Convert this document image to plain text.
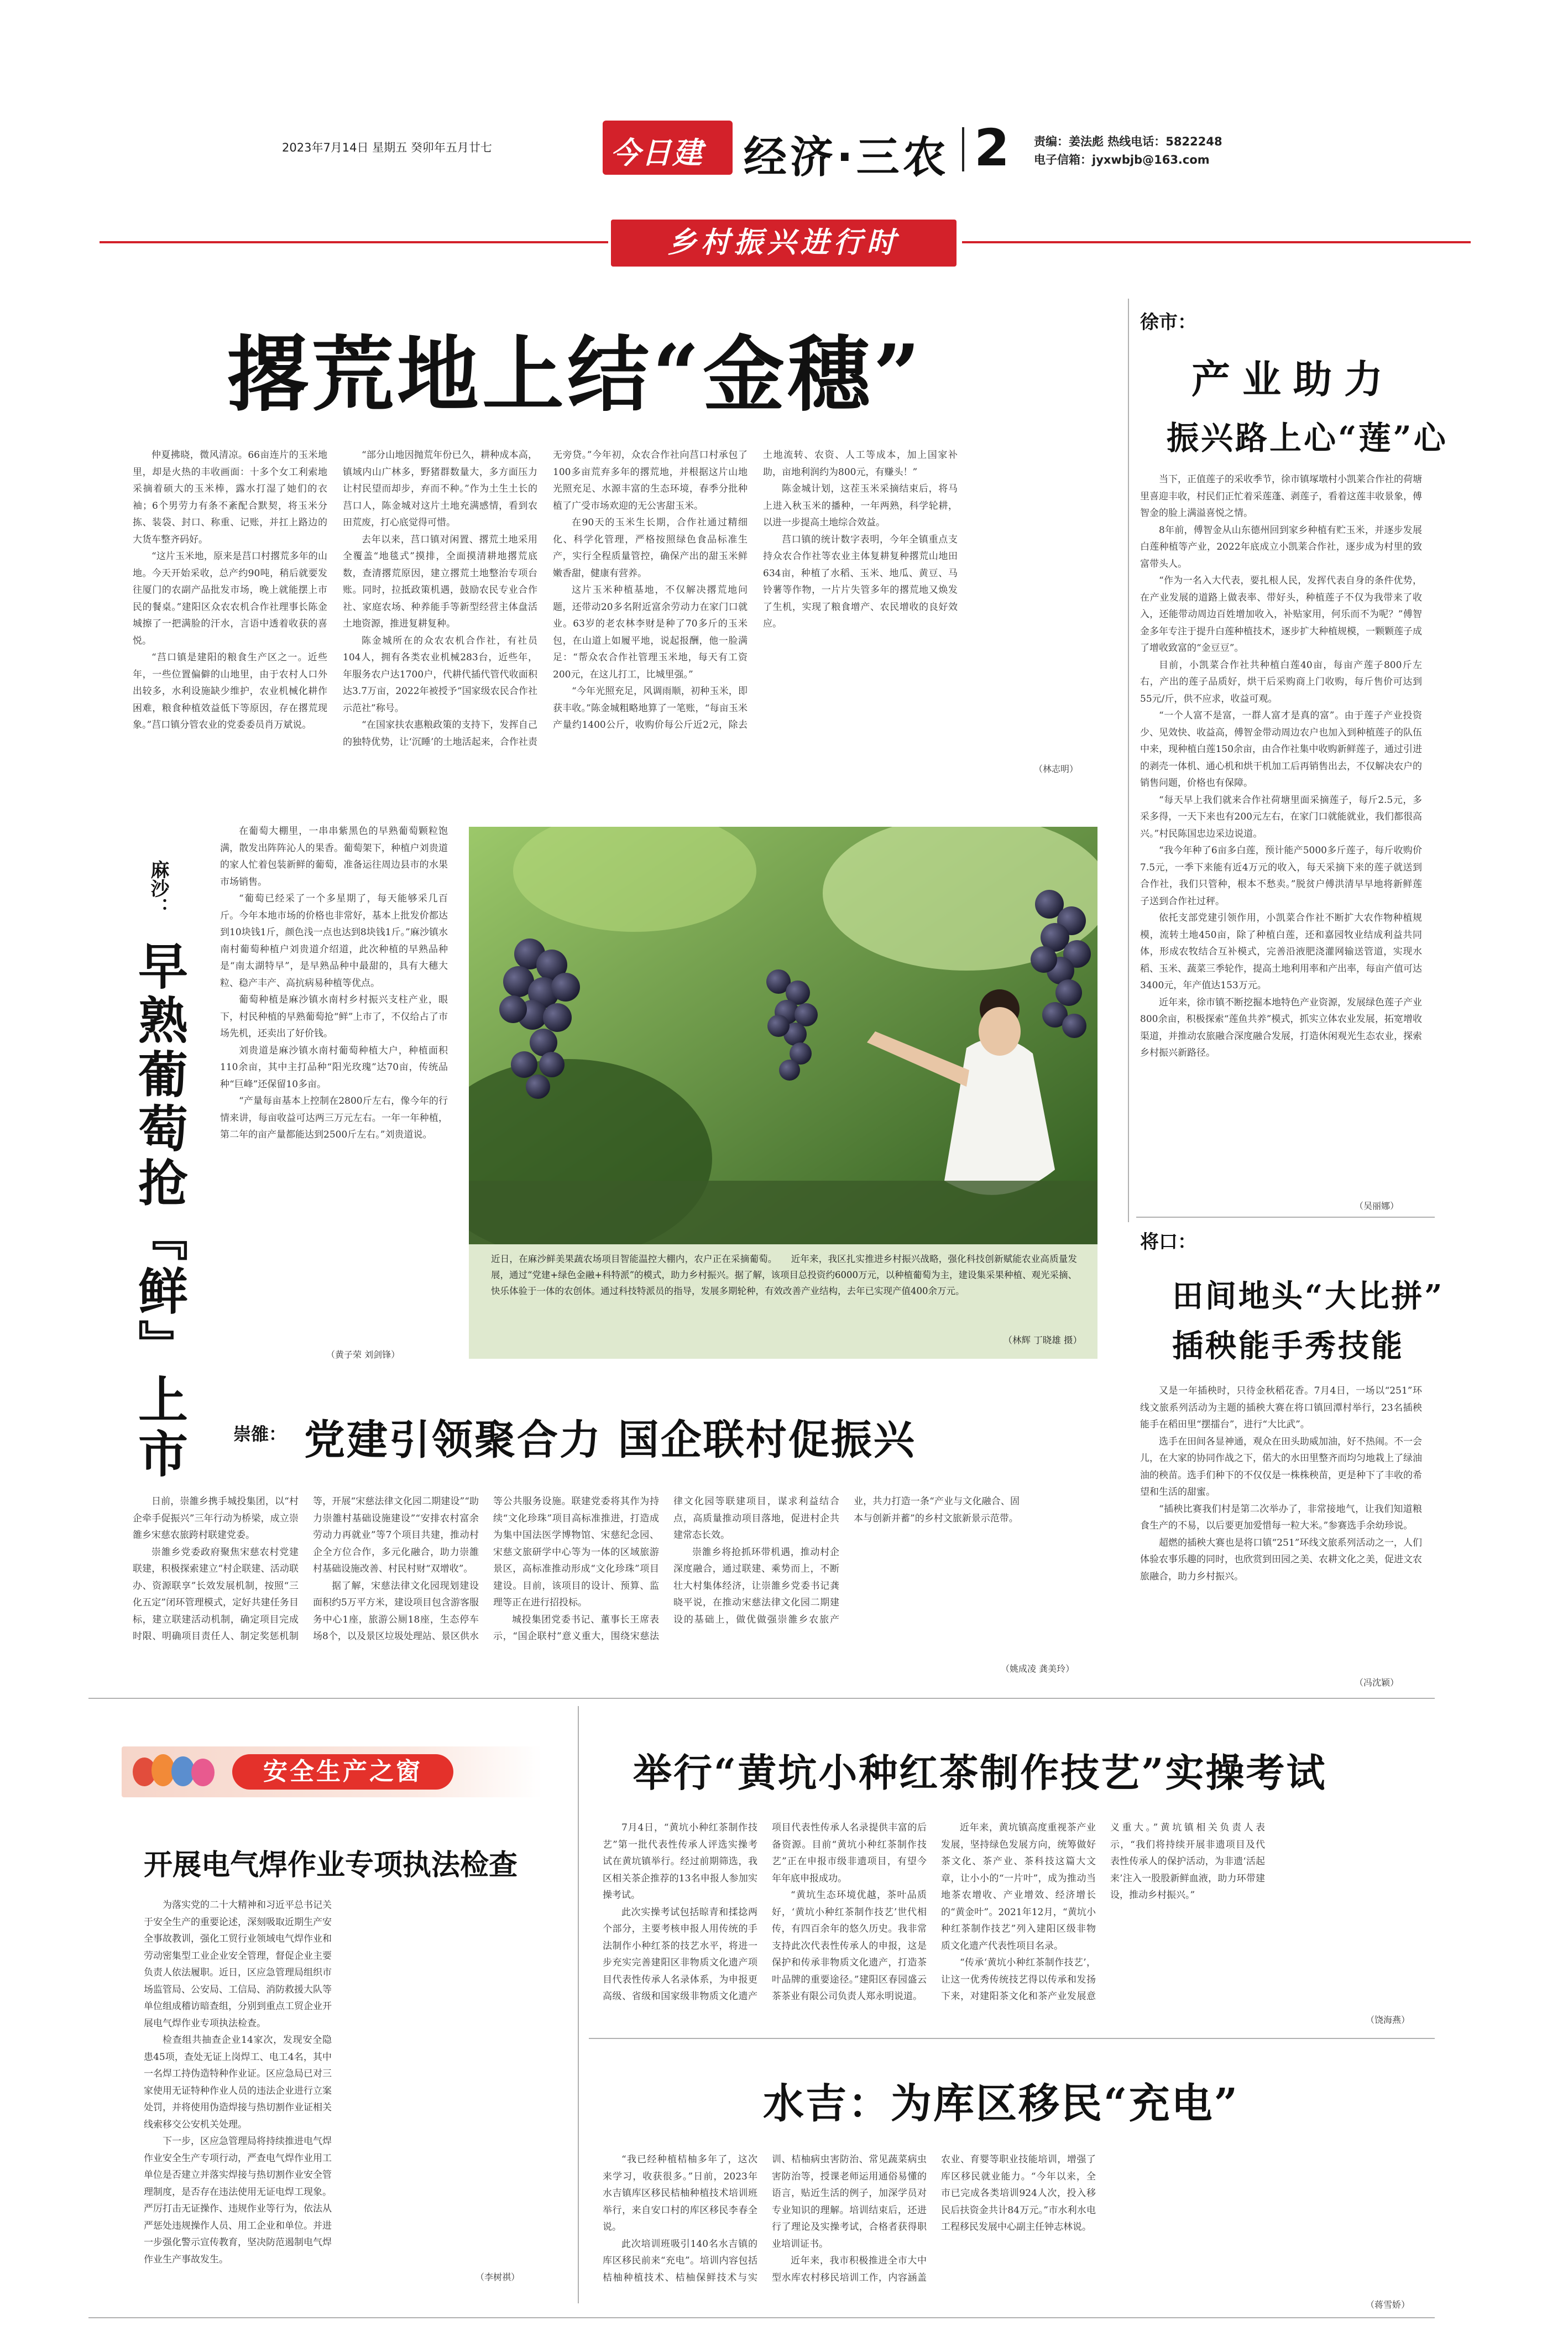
2023年7月14日 星期五 癸卯年五月廿七	今日建阳
经济·三农 2 责编：姜法彪 热线电话：5822248
电子信箱：jyxwbjb@163.com
乡村振兴进行时
撂荒地上结“金穗”

仲夏拂晓，微风清凉。66亩连片的玉米地里，却是火热的丰收画面：十多个女工利索地采摘着硕大的玉米棒，露水打湿了她们的衣袖；6个男劳力有条不紊配合默契，将玉米分拣、装袋、封口、称重、记账，并扛上路边的大货车整齐码好。

“这片玉米地，原来是莒口村撂荒多年的山地。今天开始采收，总产约90吨，稍后就要发往厦门的农副产品批发市场，晚上就能摆上市民的餐桌。”建阳区众农农机合作社理事长陈金城擦了一把满脸的汗水，言语中透着收获的喜悦。

“莒口镇是建阳的粮食生产区之一。近些年，一些位置偏僻的山地里，由于农村人口外出较多，水利设施缺少维护，农业机械化耕作困难，粮食种植效益低下等原因，存在撂荒现象。”莒口镇分管农业的党委委员肖万斌说。

“部分山地因抛荒年份已久，耕种成本高，镇域内山广林多，野猪群数量大，多方面压力让村民望而却步，弃而不种。”作为土生土长的莒口人，陈金城对这片土地充满感情，看到农田荒废，打心底觉得可惜。

去年以来，莒口镇对闲置、撂荒土地采用全覆盖“地毯式”摸排，全面摸清耕地撂荒底数，查清撂荒原因，建立撂荒土地整治专项台账。同时，拉抵政策机遇，鼓励农民专业合作社、家庭农场、种养能手等新型经营主体盘活土地资源，推进复耕复种。

陈金城所在的众农农机合作社，有社员104人，拥有各类农业机械283台，近些年，年服务农户达1700户，代耕代插代管代收面积达3.7万亩，2022年被授予“国家级农民合作社示范社”称号。

“在国家扶农惠粮政策的支持下，发挥自己的独特优势，让‘沉睡’的土地活起来，合作社责无旁贷。”今年初，众农合作社向莒口村承包了100多亩荒弃多年的撂荒地，并根据这片山地光照充足、水源丰富的生态环境，春季分批种植了广受市场欢迎的无公害甜玉米。

在90天的玉米生长期，合作社通过精细化、科学化管理，严格按照绿色食品标准生产，实行全程质量管控，确保产出的甜玉米鲜嫩香甜，健康有营养。

这片玉米种植基地，不仅解决撂荒地问题，还带动20多名附近富余劳动力在家门口就业。63岁的老农林李财是种了70多斤的玉米包，在山道上如履平地，说起报酬，他一脸满足：“帮众农合作社管理玉米地，每天有工资200元，在这儿打工，比城里强。”

“今年光照充足，风调雨顺，初种玉米，即获丰收。”陈金城粗略地算了一笔账，“每亩玉米产量约1400公斤，收购价每公斤近2元，除去土地流转、农资、人工等成本，加上国家补助，亩地利润约为800元，有赚头！”

陈金城计划，这茬玉米采摘结束后，将马上进入秋玉米的播种，一年两熟，科学轮耕，以进一步提高土地综合效益。

莒口镇的统计数字表明，今年全镇重点支持众农合作社等农业主体复耕复种撂荒山地田634亩，种植了水稻、玉米、地瓜、黄豆、马铃薯等作物，一片片失管多年的撂荒地又焕发了生机，实现了粮食增产、农民增收的良好效应。

（林志明）
徐市：
产业助力
振兴路上心“莲”心

当下，正值莲子的采收季节，徐市镇塚墩村小凯莱合作社的荷塘里喜迎丰收，村民们正忙着采莲蓬、剥莲子，看着这莲丰收景象，傅智金的脸上满溢喜悦之情。

8年前，傅智金从山东德州回到家乡种植有贮玉米，并逐步发展白莲种植等产业，2022年底成立小凯莱合作社，逐步成为村里的致富带头人。

“作为一名入大代表，要扎根人民，发挥代表自身的条件优势，在产业发展的道路上做表率、带好头，种植莲子不仅为我带来了收入，还能带动周边百姓增加收入，补贴家用，何乐而不为呢？”傅智金多年专注于提升白莲种植技术，逐步扩大种植规模，一颗颗莲子成了增收致富的“金豆豆”。

目前，小凯菜合作社共种植白莲40亩，每亩产莲子800斤左右，产出的莲子品质好，烘干后采购商上门收购，每斤售价可达到55元/斤，供不应求，收益可观。

“一个人富不是富，一群人富才是真的富”。由于莲子产业投资少、见效快、收益高，傅智金带动周边农户也加入到种植莲子的队伍中来，现种植白莲150余亩，由合作社集中收购新鲜莲子，通过引进的剥壳一体机、通心机和烘干机加工后再销售出去，不仅解决农户的销售问题，价格也有保障。

“每天早上我们就来合作社荷塘里面采摘莲子，每斤2.5元，多采多得，一天下来也有200元左右，在家门口就能就业，我们都很高兴。”村民陈国忠边采边说道。

“我今年种了6亩多白莲，预计能产5000多斤莲子，每斤收购价7.5元，一季下来能有近4万元的收入，每天采摘下来的莲子就送到合作社，我们只管种，根本不愁卖。”脱贫户傅洪清早早地将新鲜莲子送到合作社过秤。

依托支部党建引领作用，小凯菜合作社不断扩大农作物种植规模，流转土地450亩，除了种植白莲，还和嘉园牧业结成利益共同体，形成农牧结合互补模式，完善沿液肥浇灌网输送管道，实现水稻、玉米、蔬菜三季轮作，提高土地利用率和产出率，每亩产值可达3400元，年产值达153万元。

近年来，徐市镇不断挖掘本地特色产业资源，发展绿色莲子产业800余亩，积极探索“莲鱼共养”模式，抓实立体农业发展，拓宽增收渠道，并推动农旅融合深度融合发展，打造休闲观光生态农业，探索乡村振兴新路径。

（吴丽娜）
麻沙：
早熟葡萄抢『鲜』上市

在葡萄大棚里，一串串紫黑色的早熟葡萄颗粒饱满，散发出阵阵沁人的果香。葡萄架下，种植户刘贵道的家人忙着包装新鲜的葡萄，准备运往周边县市的水果市场销售。

“葡萄已经采了一个多星期了，每天能够采几百斤。今年本地市场的价格也非常好，基本上批发价都达到10块钱1斤，颜色浅一点也达到8块钱1斤。”麻沙镇水南村葡萄种植户刘贵道介绍道，此次种植的早熟品种是“南太湖特早”，是早熟品种中最甜的，具有大穗大粒、稳产丰产、高抗病易种植等优点。

葡萄种植是麻沙镇水南村乡村振兴支柱产业，眼下，村民种植的早熟葡萄抢“鲜”上市了，不仅给占了市场先机，还卖出了好价钱。

刘贵道是麻沙镇水南村葡萄种植大户，种植面积110余亩，其中主打品种“阳光玫瑰”达70亩，传统品种“巨峰”还保留10多亩。

“产量每亩基本上控制在2800斤左右，像今年的行情来讲，每亩收益可达两三万元左右。一年一年种植，第二年的亩产量都能达到2500斤左右。”刘贵道说。

（黄子荣 刘剑锋）
近日，在麻沙鲜美果蔬农场项目智能温控大棚内，农户正在采摘葡萄。　　近年来，我区扎实推进乡村振兴战略，强化科技创新赋能农业高质量发展，通过“党建+绿色金融+科特派”的模式，助力乡村振兴。据了解，该项目总投资约6000万元，以种植葡萄为主，建设集采果种植、观光采摘、快乐体验于一体的农创体。通过科技特派员的指导，发展多期轮种，有效改善产业结构，去年已实现产值400余万元。
（林辉 丁晓雄 摄）
崇雒： 党建引领聚合力 国企联村促振兴

日前，崇雒乡携手城投集团，以“村企牵手促振兴”三年行动为桥梁，成立崇雒乡宋慈农旅跨村联建党委。

崇雒乡党委政府聚焦宋慈农村党建联建，积极探索建立“村企联建、活动联办、资源联享”长效发展机制，按照“三化五定”闭环管理模式，定好共建任务目标，建立联建活动机制，确定项目完成时限、明确项目责任人、制定奖惩机制等，开展“宋慈法律文化园二期建设”“助力崇雒村基础设施建设”“安排农村富余劳动力再就业”等7个项目共建，推动村企全方位合作，多元化融合，助力崇雒村基础设施改善、村民村财“双增收”。

据了解，宋慈法律文化园现划建设面积约5万平方米，建设项目包含游客服务中心1座，旅游公厕18座，生态停车场8个，以及景区垃圾处理站、景区供水等公共服务设施。联建党委将其作为持续“文化珍珠”项目高标准推进，打造成为集中国法医学博物馆、宋慈纪念园、宋慈文旅研学中心等为一体的区域旅游景区，高标准推动形成“文化珍珠”项目建设。目前，该项目的设计、预算、监理等正在进行招投标。

城投集团党委书记、董事长王席表示，“国企联村”意义重大，围绕宋慈法律文化园等联建项目，谋求利益结合点，高质量推动项目落地，促进村企共建常态长效。

崇雒乡将抢抓环带机遇，推动村企深度融合，通过联建、乘势而上，不断壮大村集体经济，让崇雒乡党委书记龚晓平说，在推动宋慈法律文化园二期建设的基础上，做优做强崇雒乡农旅产业，共力打造一条“产业与文化融合、固本与创新并蓄”的乡村文旅新景示范带。

（姚成凌 龚美玲）
将口：
田间地头“大比拼”
插秧能手秀技能

又是一年插秧时，只待金秋稻花香。7月4日，一场以“251”环线文旅系列活动为主题的插秧大赛在将口镇回潭村举行，23名插秧能手在稻田里“摆擂台”，进行“大比武”。

选手在田间各显神通，观众在田头助威加油，好不热闹。不一会儿，在大家的协同作战之下，偌大的水田里整齐而均匀地栽上了绿油油的秧苗。选手们种下的不仅仅是一株株秧苗，更是种下了丰收的希望和生活的甜蜜。

“插秧比赛我们村是第二次举办了，非常接地气，让我们知道粮食生产的不易，以后要更加爱惜每一粒大米。”参赛选手余幼珍说。

超燃的插秧大赛也是将口镇“251”环线文旅系列活动之一，人们体验农事乐趣的同时，也欣赏到田园之美、农耕文化之美，促进文农旅融合，助力乡村振兴。

（冯沈颖）
安全生产之窗
开展电气焊作业专项执法检查

为落实党的二十大精神和习近平总书记关于安全生产的重要论述，深刻吸取近期生产安全事故教训，强化工贸行业领域电气焊作业和劳动密集型工业企业安全管理，督促企业主要负责人依法履职。近日，区应急管理局组织市场监管局、公安局、工信局、消防救援大队等单位组成稽访暗查组，分别到重点工贸企业开展电气焊作业专项执法检查。

检查组共抽查企业14家次，发现安全隐患45项，查处无证上岗焊工、电工4名，其中一名焊工持伪造特种作业证。区应急局已对三家使用无证特种作业人员的违法企业进行立案处罚，并将使用伪造焊接与热切割作业证相关线索移交公安机关处理。

下一步，区应急管理局将持续推进电气焊作业安全生产专项行动，严查电气焊作业用工单位是否建立并落实焊接与热切割作业安全管理制度，是否存在违法使用无证电焊工现象。严厉打击无证操作、违规作业等行为，依法从严惩处违规操作人员、用工企业和单位。并进一步强化警示宣传教育，坚决防范遏制电气焊作业生产事故发生。

（李树祺）
举行“黄坑小种红茶制作技艺”实操考试

7月4日，“黄坑小种红茶制作技艺”第一批代表性传承人评选实操考试在黄坑镇举行。经过前期筛选，我区相关茶企推荐的13名申报人参加实操考试。

此次实操考试包括晾青和揉捻两个部分，主要考核申报人用传统的手法制作小种红茶的技艺水平，将进一步充实完善建阳区非物质文化遗产项目代表性传承人名录体系，为申报更高级、省级和国家级非物质文化遗产项目代表性传承人名录提供丰富的后备资源。目前“黄坑小种红茶制作技艺”正在申报市级非遗项目，有望今年年底申报成功。

“黄坑生态环境优越，茶叶品质好，‘黄坑小种红茶制作技艺’世代相传，有四百余年的悠久历史。我非常支持此次代表性传承人的申报，这是保护和传承非物质文化遗产，打造茶叶品牌的重要途径。”建阳区春园盛云茶茶业有限公司负责人郑永明说道。

近年来，黄坑镇高度重视茶产业发展，坚持绿色发展方向，统筹做好茶文化、茶产业、茶科技这篇大文章，让小小的“一片叶”，成为推动当地茶农增收、产业增效、经济增长的“黄金叶”。2021年12月，“黄坑小种红茶制作技艺”列入建阳区级非物质文化遗产代表性项目名录。

“传承‘黄坑小种红茶制作技艺’，让这一优秀传统技艺得以传承和发扬下来，对建阳茶文化和茶产业发展意义重大。”黄坑镇相关负责人表示，“我们将持续开展非遗项目及代表性传承人的保护活动，为非遗‘活起来’注入一股股新鲜血液，助力环带建设，推动乡村振兴。”

（饶海燕）
水吉：为库区移民“充电”

“我已经种植桔柚多年了，这次来学习，收获很多。”日前，2023年水吉镇库区移民桔柚种植技术培训班举行，来自安口村的库区移民李春全说。

此次培训班吸引140名水吉镇的库区移民前来“充电”。培训内容包括桔柚种植技术、桔柚保鲜技术与实训、桔柚病虫害防治、常见蔬菜病虫害防治等，授课老师运用通俗易懂的语言，贴近生活的例子，加深学员对专业知识的理解。培训结束后，还进行了理论及实操考试，合格者获得职业培训证书。

近年来，我市积极推进全市大中型水库农村移民培训工作，内容涵盖农业、育婴等职业技能培训，增强了库区移民就业能力。“今年以来，全市已完成各类培训924人次，投入移民后扶资金共计84万元。”市水利水电工程移民发展中心副主任钟志林说。

（蒋雪娇）
